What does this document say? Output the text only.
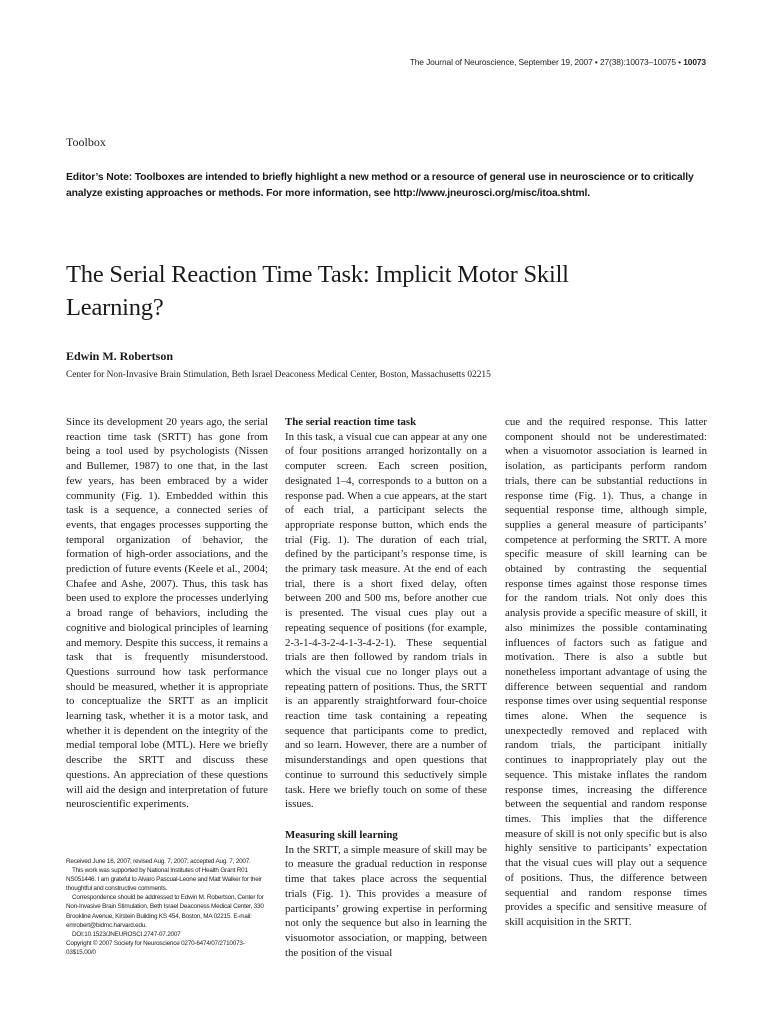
The Journal of Neuroscience, September 19, 2007 • 27(38):10073–10075 • 10073
Toolbox
Editor’s Note: Toolboxes are intended to briefly highlight a new method or a resource of general use in neuroscience or to critically analyze existing approaches or methods. For more information, see http://www.jneurosci.org/misc/itoa.shtml.
The Serial Reaction Time Task: Implicit Motor Skill Learning?
Edwin M. Robertson
Center for Non-Invasive Brain Stimulation, Beth Israel Deaconess Medical Center, Boston, Massachusetts 02215

Since its development 20 years ago, the serial reaction time task (SRTT) has gone from being a tool used by psychologists (Nissen and Bullemer, 1987) to one that, in the last few years, has been embraced by a wider community (Fig. 1). Embedded within this task is a sequence, a connected series of events, that engages processes supporting the temporal organization of behavior, the formation of high-order associations, and the prediction of future events (Keele et al., 2004; Chafee and Ashe, 2007). Thus, this task has been used to explore the processes underlying a broad range of behaviors, including the cognitive and biological principles of learning and memory. Despite this success, it remains a task that is frequently misunderstood. Questions surround how task performance should be measured, whether it is appropriate to conceptualize the SRTT as an implicit learning task, whether it is a motor task, and whether it is dependent on the integrity of the medial temporal lobe (MTL). Here we briefly describe the SRTT and discuss these questions. An appreciation of these questions will aid the design and interpretation of future neuroscientific experiments.

The serial reaction time task

In this task, a visual cue can appear at any one of four positions arranged horizontally on a computer screen. Each screen position, designated 1–4, corresponds to a button on a response pad. When a cue appears, at the start of each trial, a participant selects the appropriate response button, which ends the trial (Fig. 1). The duration of each trial, defined by the participant’s response time, is the primary task measure. At the end of each trial, there is a short fixed delay, often between 200 and 500 ms, before another cue is presented. The visual cues play out a repeating sequence of positions (for example, 2-3-1-4-3-2-4-1-3-4-2-1). These sequential trials are then followed by random trials in which the visual cue no longer plays out a repeating pattern of positions. Thus, the SRTT is an apparently straightforward four-choice reaction time task containing a repeating sequence that participants come to predict, and so learn. However, there are a number of misunderstandings and open questions that continue to surround this seductively simple task. Here we briefly touch on some of these issues.

Measuring skill learning

In the SRTT, a simple measure of skill may be to measure the gradual reduction in response time that takes place across the sequential trials (Fig. 1). This provides a measure of participants’ growing expertise in performing not only the sequence but also in learning the visuomotor association, or mapping, between the position of the visual

cue and the required response. This latter component should not be underestimated: when a visuomotor association is learned in isolation, as participants perform random trials, there can be substantial reductions in response time (Fig. 1). Thus, a change in sequential response time, although simple, supplies a general measure of participants’ competence at performing the SRTT. A more specific measure of skill learning can be obtained by contrasting the sequential response times against those response times for the random trials. Not only does this analysis provide a specific measure of skill, it also minimizes the possible contaminating influences of factors such as fatigue and motivation. There is also a subtle but nonetheless important advantage of using the difference between sequential and random response times over using sequential response times alone. When the sequence is unexpectedly removed and replaced with random trials, the participant initially continues to inappropriately play out the sequence. This mistake inflates the random response times, increasing the difference between the sequential and random response times. This implies that the difference measure of skill is not only specific but is also highly sensitive to participants’ expectation that the visual cues will play out a sequence of positions. Thus, the difference between sequential and random response times provides a specific and sensitive measure of skill acquisition in the SRTT.

Received June 16, 2007; revised Aug. 7, 2007; accepted Aug. 7, 2007.

This work was supported by National Institutes of Health Grant R01 NS051446. I am grateful to Alvaro Pascual-Leone and Matt Walker for their thoughtful and constructive comments.

Correspondence should be addressed to Edwin M. Robertson, Center for Non-Invasive Brain Stimulation, Beth Israel Deaconess Medical Center, 330 Brookline Avenue, Kirstein Building KS 454, Boston, MA 02215. E-mail: emrobert@bidmc.harvard.edu.

DOI:10.1523/JNEUROSCI.2747-07.2007

Copyright © 2007 Society for Neuroscience 0270-6474/07/2710073-03$15.00/0
